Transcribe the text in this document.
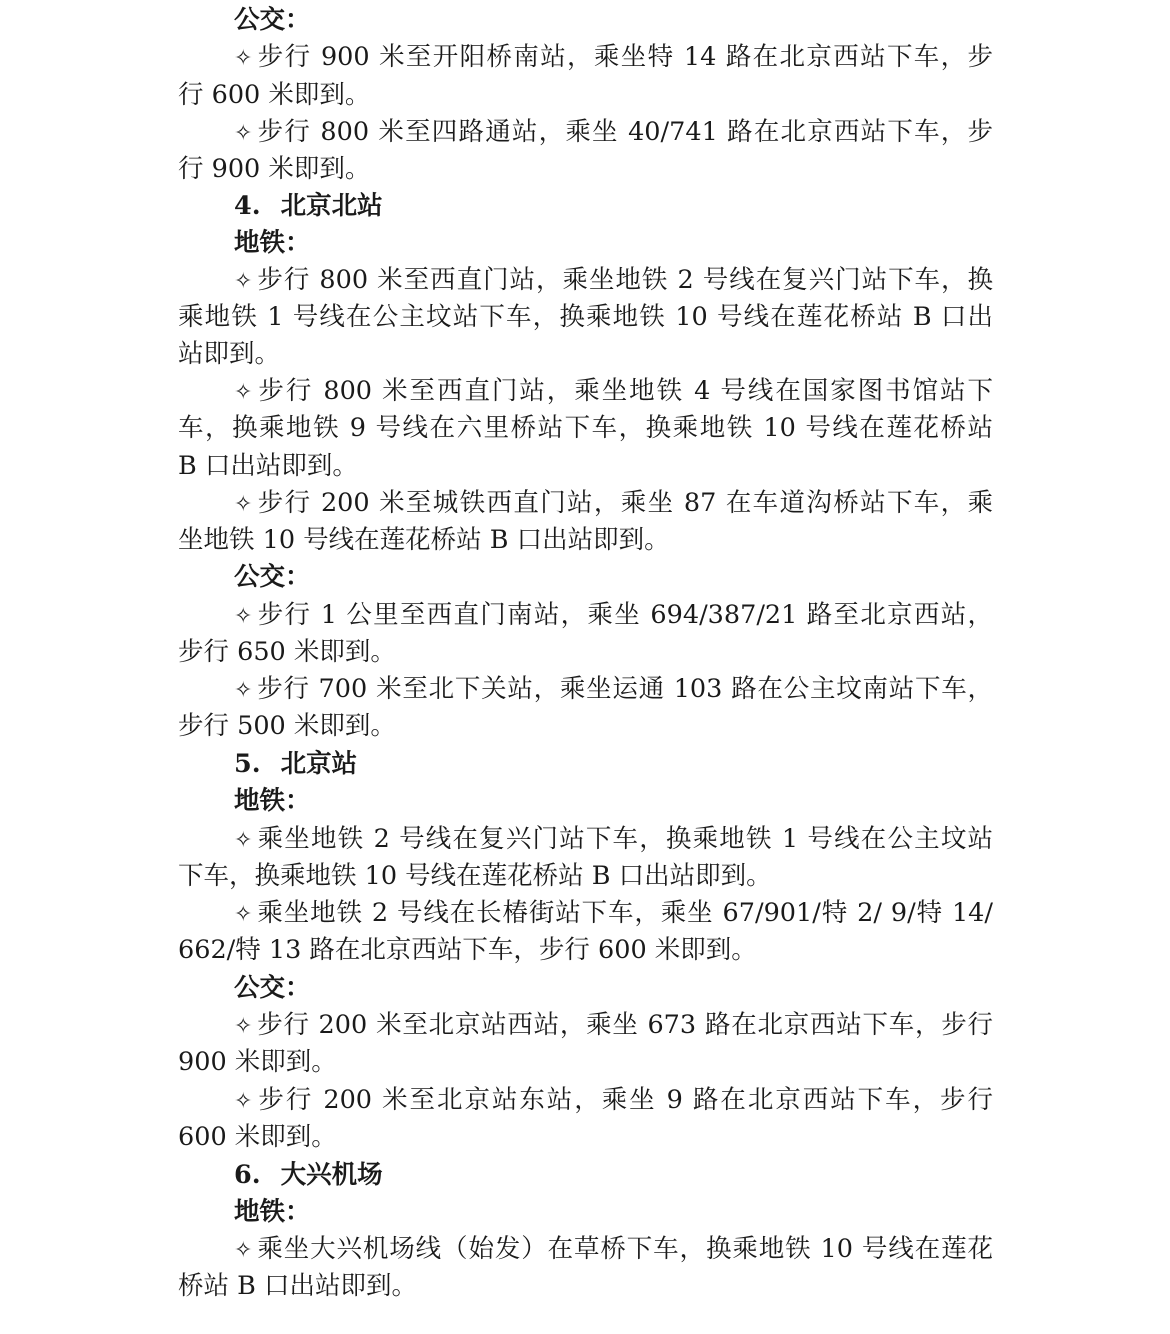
公交：
✧ 步行 900 米至开阳桥南站，乘坐特 14 路在北京西站下车，步
行 600 米即到。
✧ 步行 800 米至四路通站，乘坐 40/741 路在北京西站下车，步
行 900 米即到。
4. 北京北站
地铁：
✧ 步行 800 米至西直门站，乘坐地铁 2 号线在复兴门站下车，换
乘地铁 1 号线在公主坟站下车，换乘地铁 10 号线在莲花桥站 B 口出
站即到。
✧ 步行 800 米至西直门站，乘坐地铁 4 号线在国家图书馆站下
车，换乘地铁 9 号线在六里桥站下车，换乘地铁 10 号线在莲花桥站
B 口出站即到。
✧ 步行 200 米至城铁西直门站，乘坐 87 在车道沟桥站下车，乘
坐地铁 10 号线在莲花桥站 B 口出站即到。
公交：
✧ 步行 1 公里至西直门南站，乘坐 694/387/21 路至北京西站，
步行 650 米即到。
✧ 步行 700 米至北下关站，乘坐运通 103 路在公主坟南站下车，
步行 500 米即到。
5. 北京站
地铁：
✧ 乘坐地铁 2 号线在复兴门站下车，换乘地铁 1 号线在公主坟站
下车，换乘地铁 10 号线在莲花桥站 B 口出站即到。
✧ 乘坐地铁 2 号线在长椿街站下车，乘坐 67/901/特 2/ 9/特 14/
662/特 13 路在北京西站下车，步行 600 米即到。
公交：
✧ 步行 200 米至北京站西站，乘坐 673 路在北京西站下车，步行
900 米即到。
✧ 步行 200 米至北京站东站，乘坐 9 路在北京西站下车，步行
600 米即到。
6. 大兴机场
地铁：
✧ 乘坐大兴机场线（始发）在草桥下车，换乘地铁 10 号线在莲花
桥站 B 口出站即到。
